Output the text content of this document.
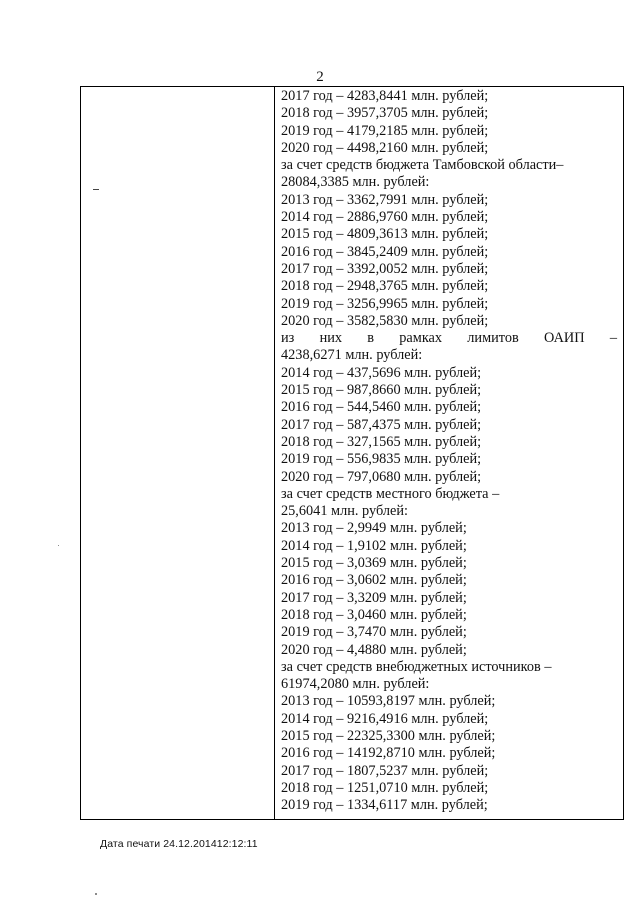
2
2017 год – 4283,8441 млн. рублей;
2018 год – 3957,3705 млн. рублей;
2019 год – 4179,2185 млн. рублей;
2020 год – 4498,2160 млн. рублей;
за счет средств бюджета Тамбовской области–
28084,3385 млн. рублей:
2013 год – 3362,7991 млн. рублей;
2014 год – 2886,9760 млн. рублей;
2015 год – 4809,3613 млн. рублей;
2016 год – 3845,2409 млн. рублей;
2017 год – 3392,0052 млн. рублей;
2018 год – 2948,3765 млн. рублей;
2019 год – 3256,9965 млн. рублей;
2020 год – 3582,5830 млн. рублей;
из них в рамках лимитов ОАИП –
4238,6271 млн. рублей:
2014 год – 437,5696 млн. рублей;
2015 год – 987,8660 млн. рублей;
2016 год – 544,5460 млн. рублей;
2017 год – 587,4375 млн. рублей;
2018 год – 327,1565 млн. рублей;
2019 год – 556,9835 млн. рублей;
2020 год – 797,0680 млн. рублей;
за счет средств местного бюджета –
25,6041 млн. рублей:
2013 год – 2,9949 млн. рублей;
2014 год – 1,9102 млн. рублей;
2015 год – 3,0369 млн. рублей;
2016 год – 3,0602 млн. рублей;
2017 год – 3,3209 млн. рублей;
2018 год – 3,0460 млн. рублей;
2019 год – 3,7470 млн. рублей;
2020 год – 4,4880 млн. рублей;
за счет средств внебюджетных источников –
61974,2080 млн. рублей:
2013 год – 10593,8197 млн. рублей;
2014 год – 9216,4916 млн. рублей;
2015 год – 22325,3300 млн. рублей;
2016 год – 14192,8710 млн. рублей;
2017 год – 1807,5237 млн. рублей;
2018 год – 1251,0710 млн. рублей;
2019 год – 1334,6117 млн. рублей;
Дата печати 24.12.201412:12:11
